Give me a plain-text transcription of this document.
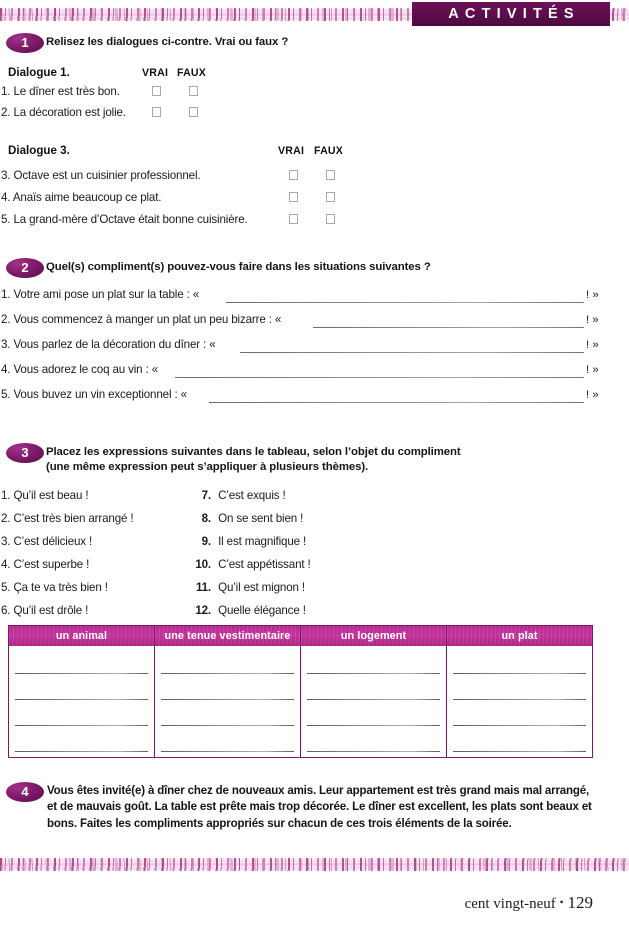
ACTIVITÉS
1	Relisez les dialogues ci-contre. Vrai ou faux ?
Dialogue 1.	VRAI FAUX
1. Le dîner est très bon.
2. La décoration est jolie.
Dialogue 3.	VRAI FAUX
3. Octave est un cuisinier professionnel.
4. Anaïs aime beaucoup ce plat.
5. La grand-mère d’Octave était bonne cuisinière.
2	Quel(s) compliment(s) pouvez-vous faire dans les situations suivantes ?
1. Votre ami pose un plat sur la table : «	! »
2. Vous commencez à manger un plat un peu bizarre : «	! »
3. Vous parlez de la décoration du dîner : «	! »
4. Vous adorez le coq au vin : «	! »
5. Vous buvez un vin exceptionnel : «	! »
3	Placez les expressions suivantes dans le tableau, selon l’objet du compliment
(une même expression peut s’appliquer à plusieurs thèmes).
1. Qu’il est beau !
2. C’est très bien arrangé !
3. C’est délicieux !
4. C’est superbe !
5. Ça te va très bien !
6. Qu’il est drôle !
7. C’est exquis !
8. On se sent bien !
9. Il est magnifique !
10. C’est appétissant !
11. Qu’il est mignon !
12. Quelle élégance !
un animal	une tenue vestimentaire	un logement	un plat
4	Vous êtes invité(e) à dîner chez de nouveaux amis. Leur appartement est très grand mais mal arrangé, et de mauvais goût. La table est prête mais trop décorée. Le dîner est excellent, les plats sont beaux et bons. Faites les compliments appropriés sur chacun de ces trois éléments de la soirée.
cent vingt-neuf • 129
